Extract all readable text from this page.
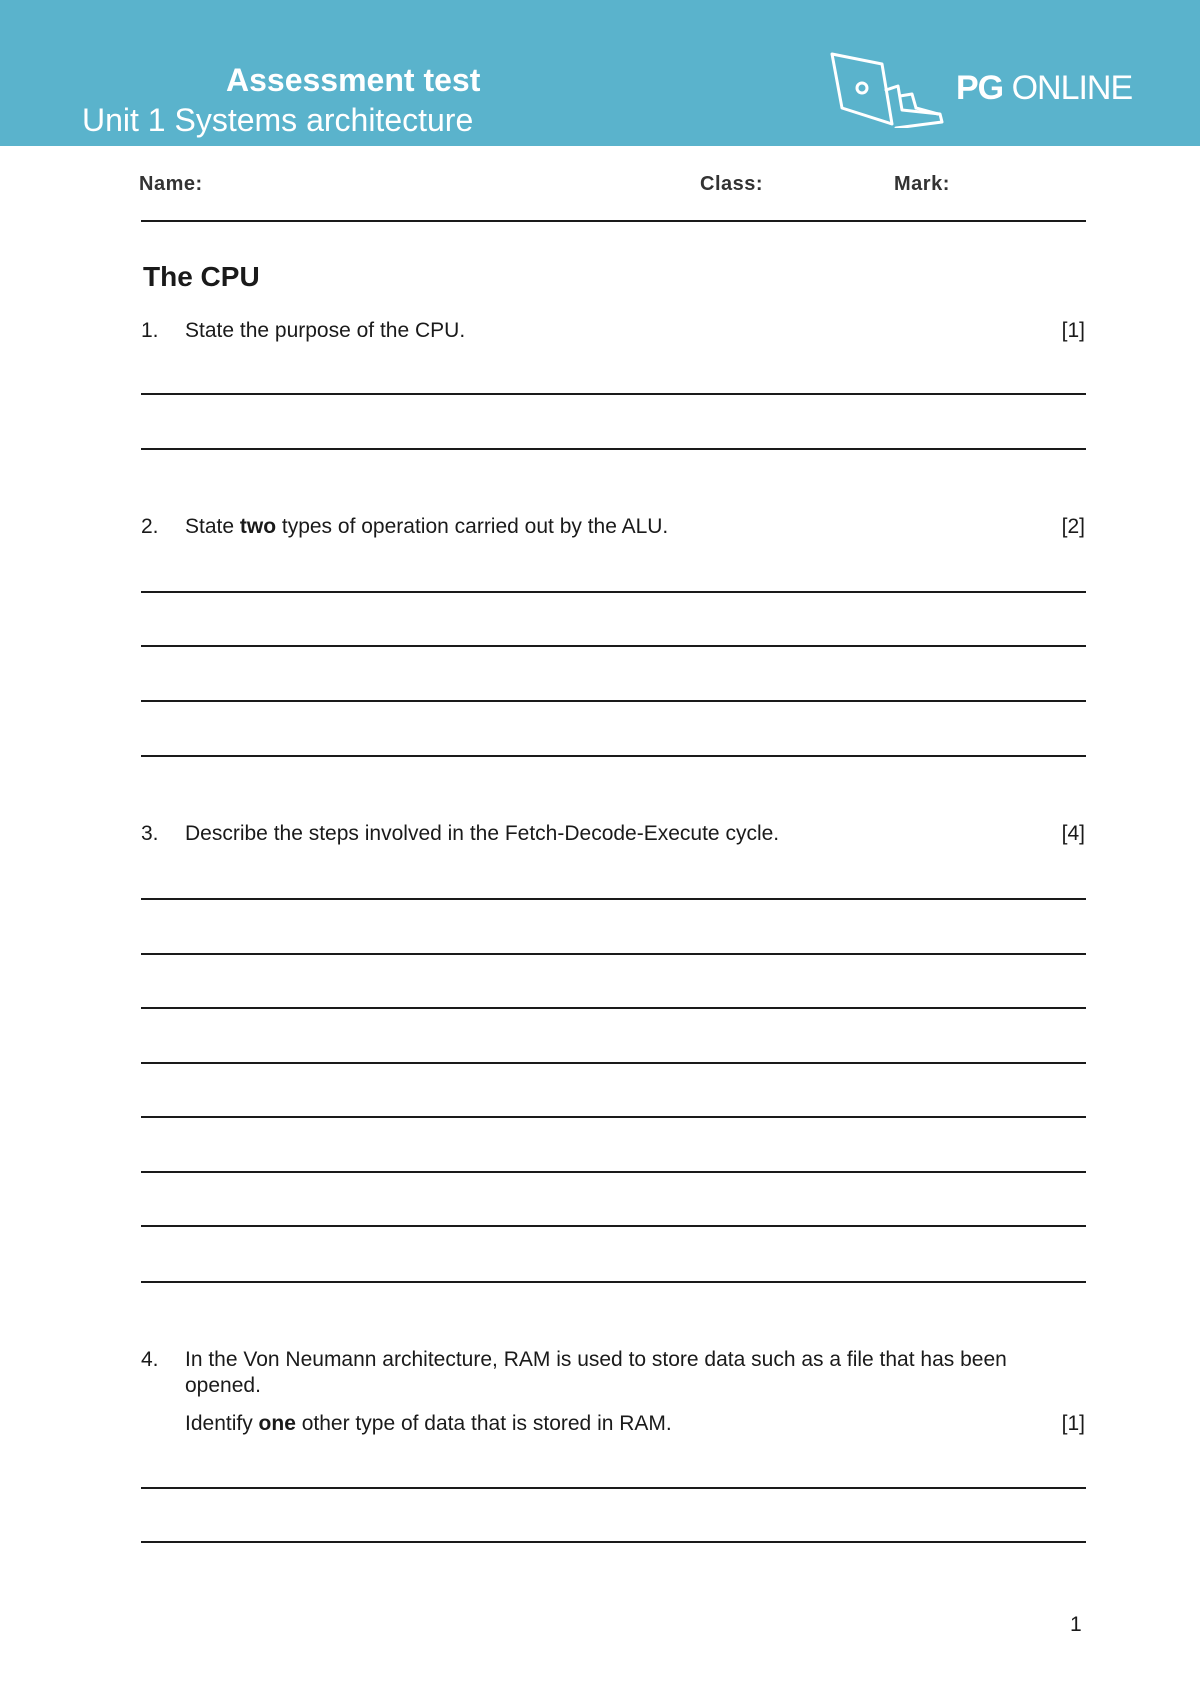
Assessment test
Unit 1 Systems architecture
PG ONLINE
Name:	Class:	Mark:
The CPU
1. State the purpose of the CPU.	[1]
2. State two types of operation carried out by the ALU.	[2]
3. Describe the steps involved in the Fetch-Decode-Execute cycle.	[4]
4. In the Von Neumann architecture, RAM is used to store data such as a file that has been opened.
Identify one other type of data that is stored in RAM.	[1]
1
